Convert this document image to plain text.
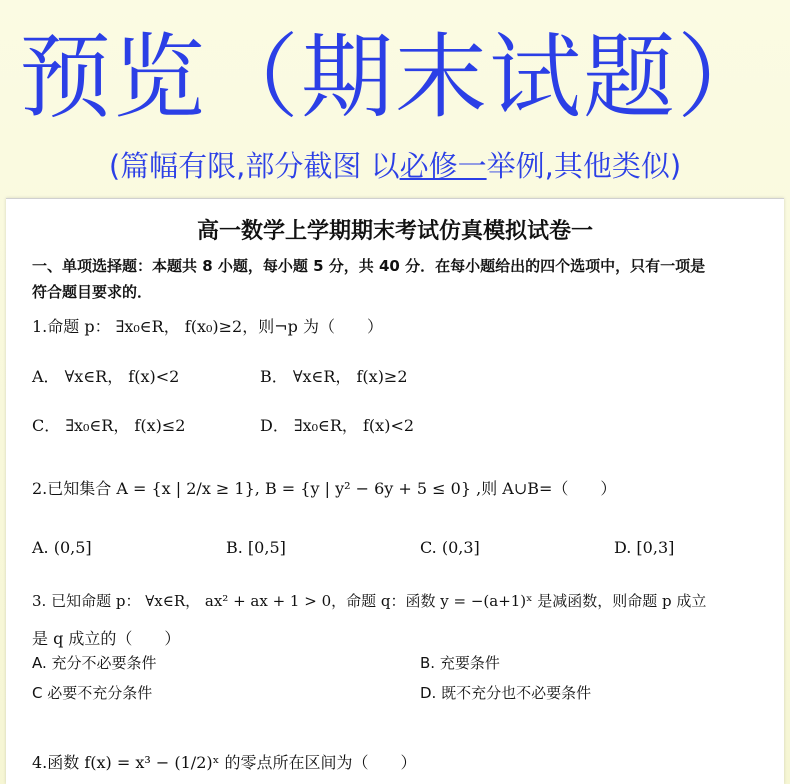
预览（期末试题）
(篇幅有限,部分截图 以必修一举例,其他类似)
高一数学上学期期末考试仿真模拟试卷一
一、单项选择题：本题共 8 小题，每小题 5 分，共 40 分．在每小题给出的四个选项中，只有一项是
符合题目要求的．
1.命题 p： ∃x₀∈R， f(x₀)≥2，则¬p 为（　　）
A． ∀x∈R， f(x)<2	B． ∀x∈R， f(x)≥2
C． ∃x₀∈R， f(x)≤2	D． ∃x₀∈R， f(x)<2
2.已知集合 A = {x | 2/x ≥ 1}, B = {y | y² − 6y + 5 ≤ 0} ,则 A∪B=（　　）
A. (0,5]	B. [0,5]	C. (0,3]	D. [0,3]
3. 已知命题 p： ∀x∈R， ax² + ax + 1 > 0，命题 q：函数 y = −(a+1)ˣ 是减函数，则命题 p 成立
是 q 成立的（　　）
A. 充分不必要条件	B. 充要条件
C 必要不充分条件	D. 既不充分也不必要条件
4.函数 f(x) = x³ − (1/2)ˣ 的零点所在区间为（　　）
